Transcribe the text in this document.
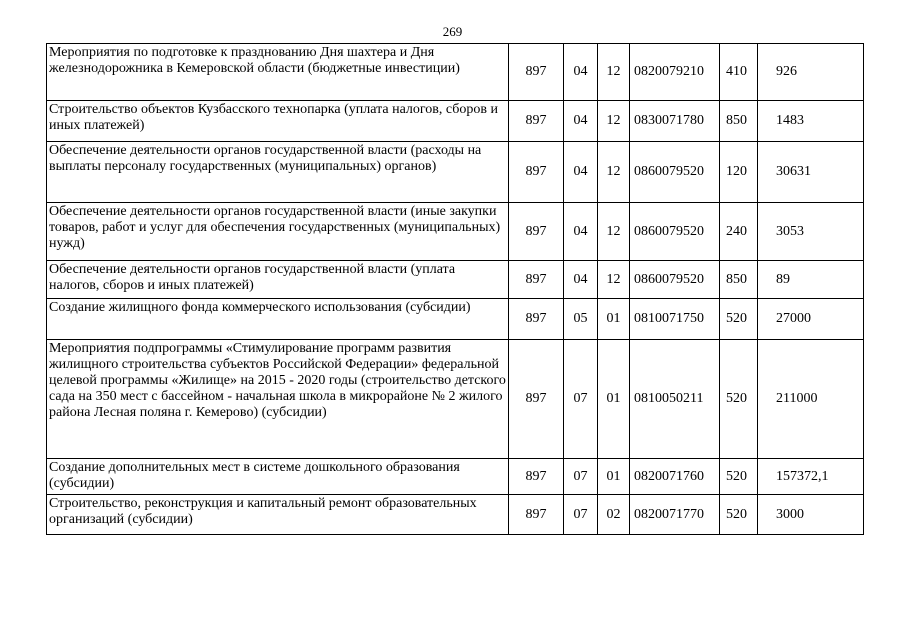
269
Мероприятия по подготовке к празднованию Дня шахтера и Дня железнодорожника в Кемеровской области (бюджетные инвестиции)	897	04	12	0820079210	410	926
Строительство объектов Кузбасского технопарка (уплата налогов, сборов и иных платежей)	897	04	12	0830071780	850	1483
Обеспечение деятельности органов государственной власти (расходы на выплаты персоналу государственных (муниципальных) органов)	897	04	12	0860079520	120	30631
Обеспечение деятельности органов государственной власти (иные закупки товаров, работ и услуг для обеспечения государственных (муниципальных) нужд)	897	04	12	0860079520	240	3053
Обеспечение деятельности органов государственной власти (уплата налогов, сборов и иных платежей)	897	04	12	0860079520	850	89
Создание жилищного фонда коммерческого использования (субсидии)	897	05	01	0810071750	520	27000
Мероприятия подпрограммы «Стимулирование программ развития жилищного строительства субъектов Российской Федерации» федеральной целевой программы «Жилище» на 2015 - 2020 годы (строительство детского сада на 350 мест с бассейном - начальная школа в микрорайоне № 2 жилого района Лесная поляна г. Кемерово) (субсидии)	897	07	01	0810050211	520	211000
Создание дополнительных мест в системе дошкольного образования (субсидии)	897	07	01	0820071760	520	157372,1
Строительство, реконструкция и капитальный ремонт образовательных организаций (субсидии)	897	07	02	0820071770	520	3000
